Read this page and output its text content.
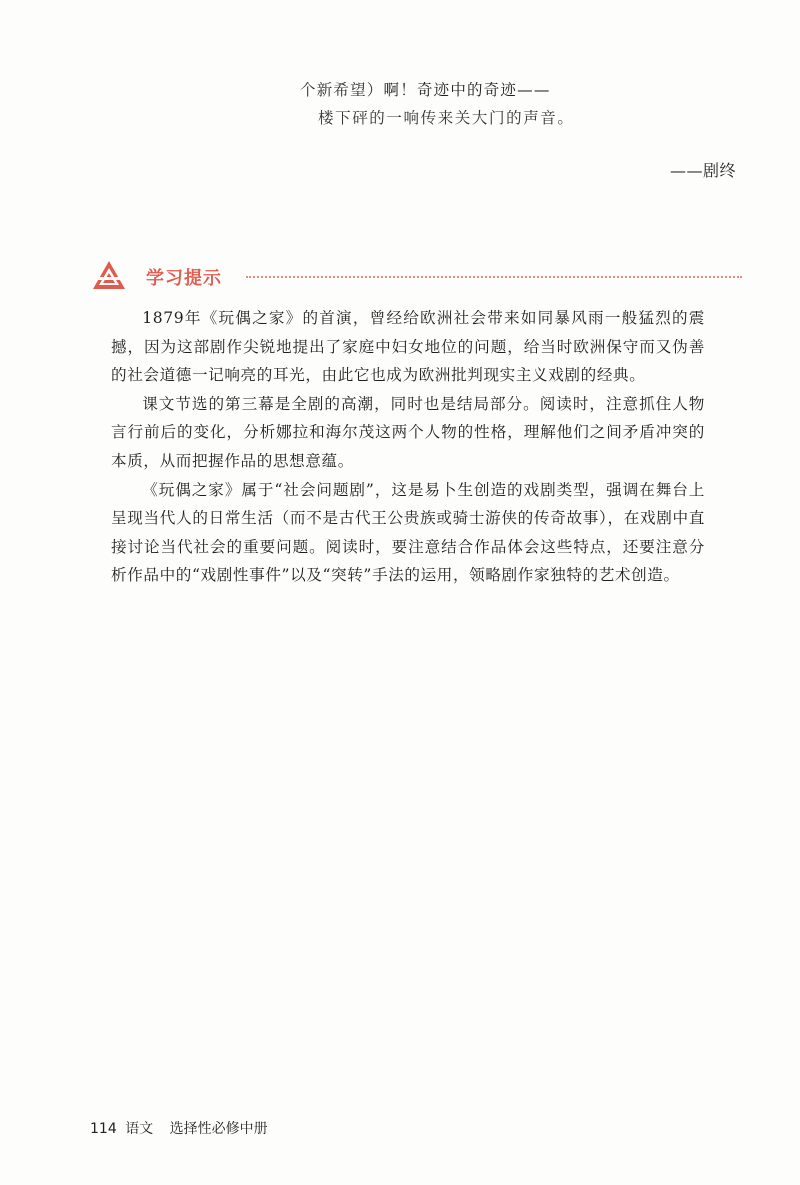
个新希望）啊！奇迹中的奇迹——
楼下砰的一响传来关大门的声音。
——剧终
学习提示

1879年《玩偶之家》的首演，曾经给欧洲社会带来如同暴风雨一般猛烈的震撼，因为这部剧作尖锐地提出了家庭中妇女地位的问题，给当时欧洲保守而又伪善的社会道德一记响亮的耳光，由此它也成为欧洲批判现实主义戏剧的经典。

课文节选的第三幕是全剧的高潮，同时也是结局部分。阅读时，注意抓住人物言行前后的变化，分析娜拉和海尔茂这两个人物的性格，理解他们之间矛盾冲突的本质，从而把握作品的思想意蕴。

《玩偶之家》属于“社会问题剧”，这是易卜生创造的戏剧类型，强调在舞台上呈现当代人的日常生活（而不是古代王公贵族或骑士游侠的传奇故事），在戏剧中直接讨论当代社会的重要问题。阅读时，要注意结合作品体会这些特点，还要注意分析作品中的“戏剧性事件”以及“突转”手法的运用，领略剧作家独特的艺术创造。

114 语文 选择性必修中册
